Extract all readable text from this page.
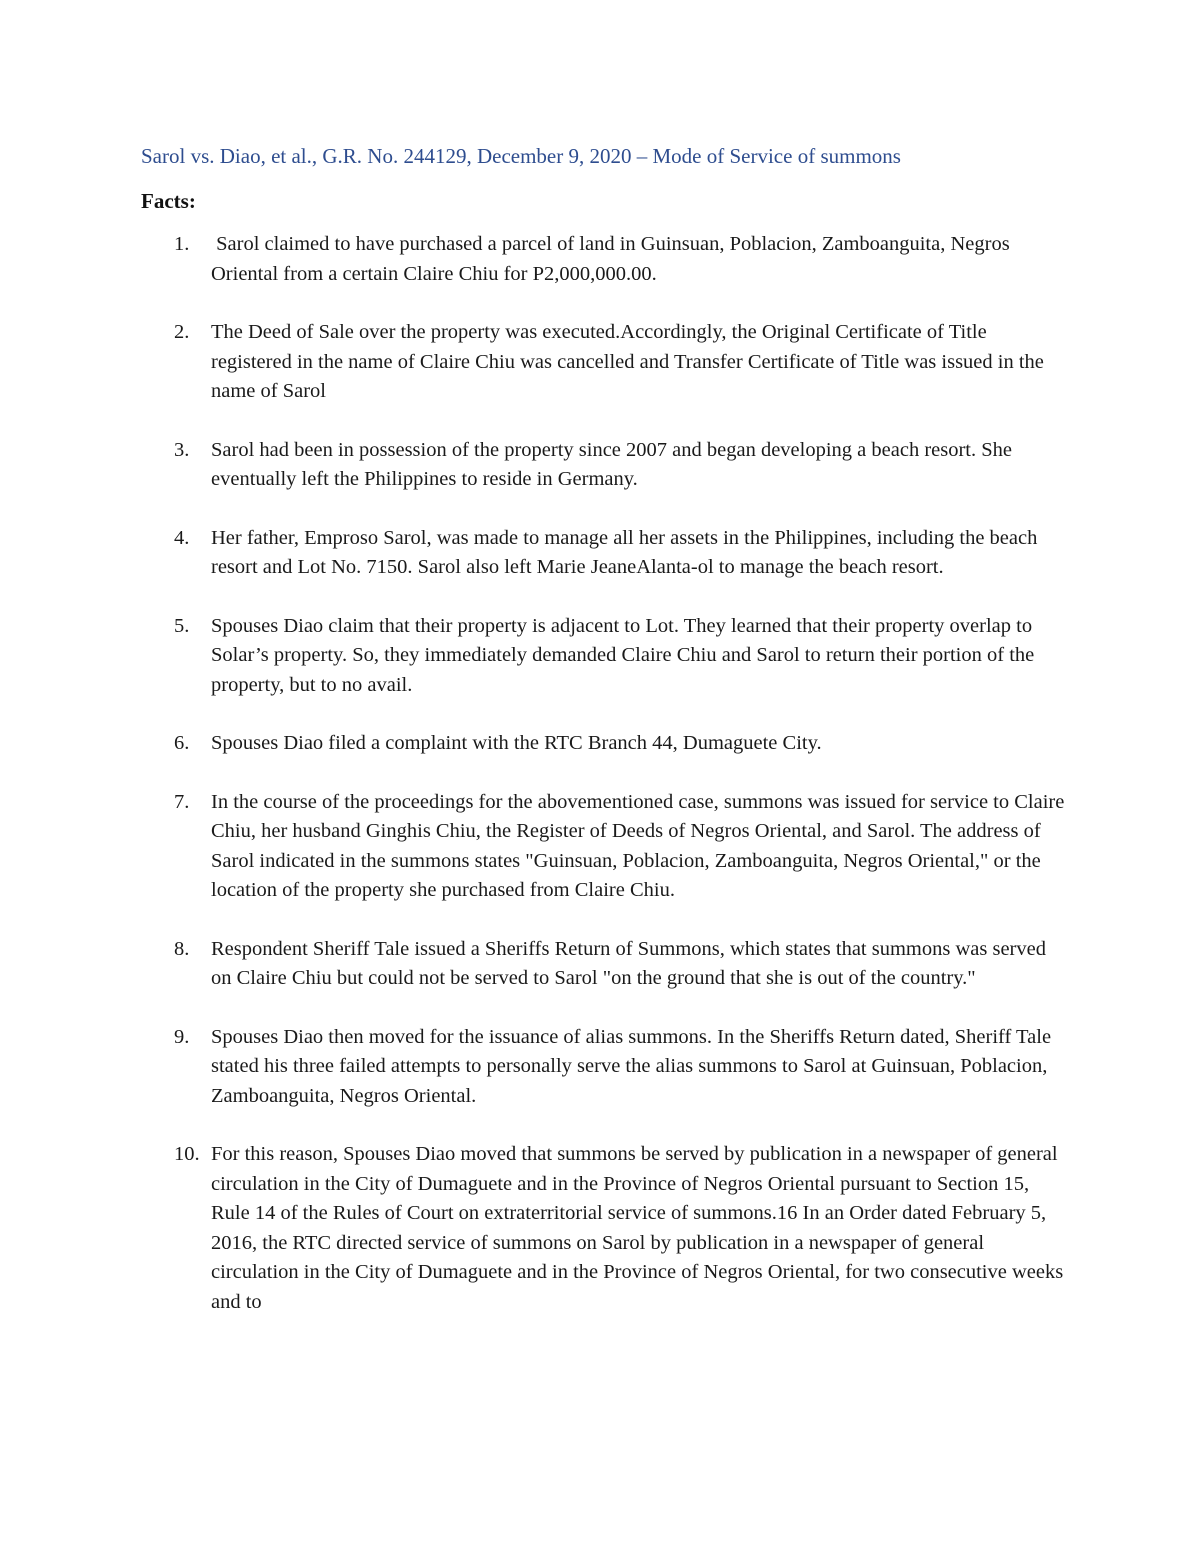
Sarol vs. Diao, et al., G.R. No. 244129, December 9, 2020 – Mode of Service of summons
Facts:
1.	Sarol claimed to have purchased a parcel of land in Guinsuan, Poblacion, Zamboanguita, Negros Oriental from a certain Claire Chiu for P2,000,000.00.
2.	The Deed of Sale over the property was executed.Accordingly, the Original Certificate of Title registered in the name of Claire Chiu was cancelled and Transfer Certificate of Title was issued in the name of Sarol
3.	Sarol had been in possession of the property since 2007 and began developing a beach resort. She eventually left the Philippines to reside in Germany.
4.	Her father, Emproso Sarol, was made to manage all her assets in the Philippines, including the beach resort and Lot No. 7150. Sarol also left Marie JeaneAlanta-ol to manage the beach resort.
5.	Spouses Diao claim that their property is adjacent to Lot. They learned that their property overlap to Solar’s property. So, they immediately demanded Claire Chiu and Sarol to return their portion of the property, but to no avail.
6.	Spouses Diao filed a complaint with the RTC Branch 44, Dumaguete City.
7.	In the course of the proceedings for the abovementioned case, summons was issued for service to Claire Chiu, her husband Ginghis Chiu, the Register of Deeds of Negros Oriental, and Sarol. The address of Sarol indicated in the summons states "Guinsuan, Poblacion, Zamboanguita, Negros Oriental," or the location of the property she purchased from Claire Chiu.
8.	Respondent Sheriff Tale issued a Sheriffs Return of Summons, which states that summons was served on Claire Chiu but could not be served to Sarol "on the ground that she is out of the country."
9.	Spouses Diao then moved for the issuance of alias summons. In the Sheriffs Return dated, Sheriff Tale stated his three failed attempts to personally serve the alias summons to Sarol at Guinsuan, Poblacion, Zamboanguita, Negros Oriental.
10. For this reason, Spouses Diao moved that summons be served by publication in a newspaper of general circulation in the City of Dumaguete and in the Province of Negros Oriental pursuant to Section 15, Rule 14 of the Rules of Court on extraterritorial service of summons.16 In an Order dated February 5, 2016, the RTC directed service of summons on Sarol by publication in a newspaper of general circulation in the City of Dumaguete and in the Province of Negros Oriental, for two consecutive weeks and to
